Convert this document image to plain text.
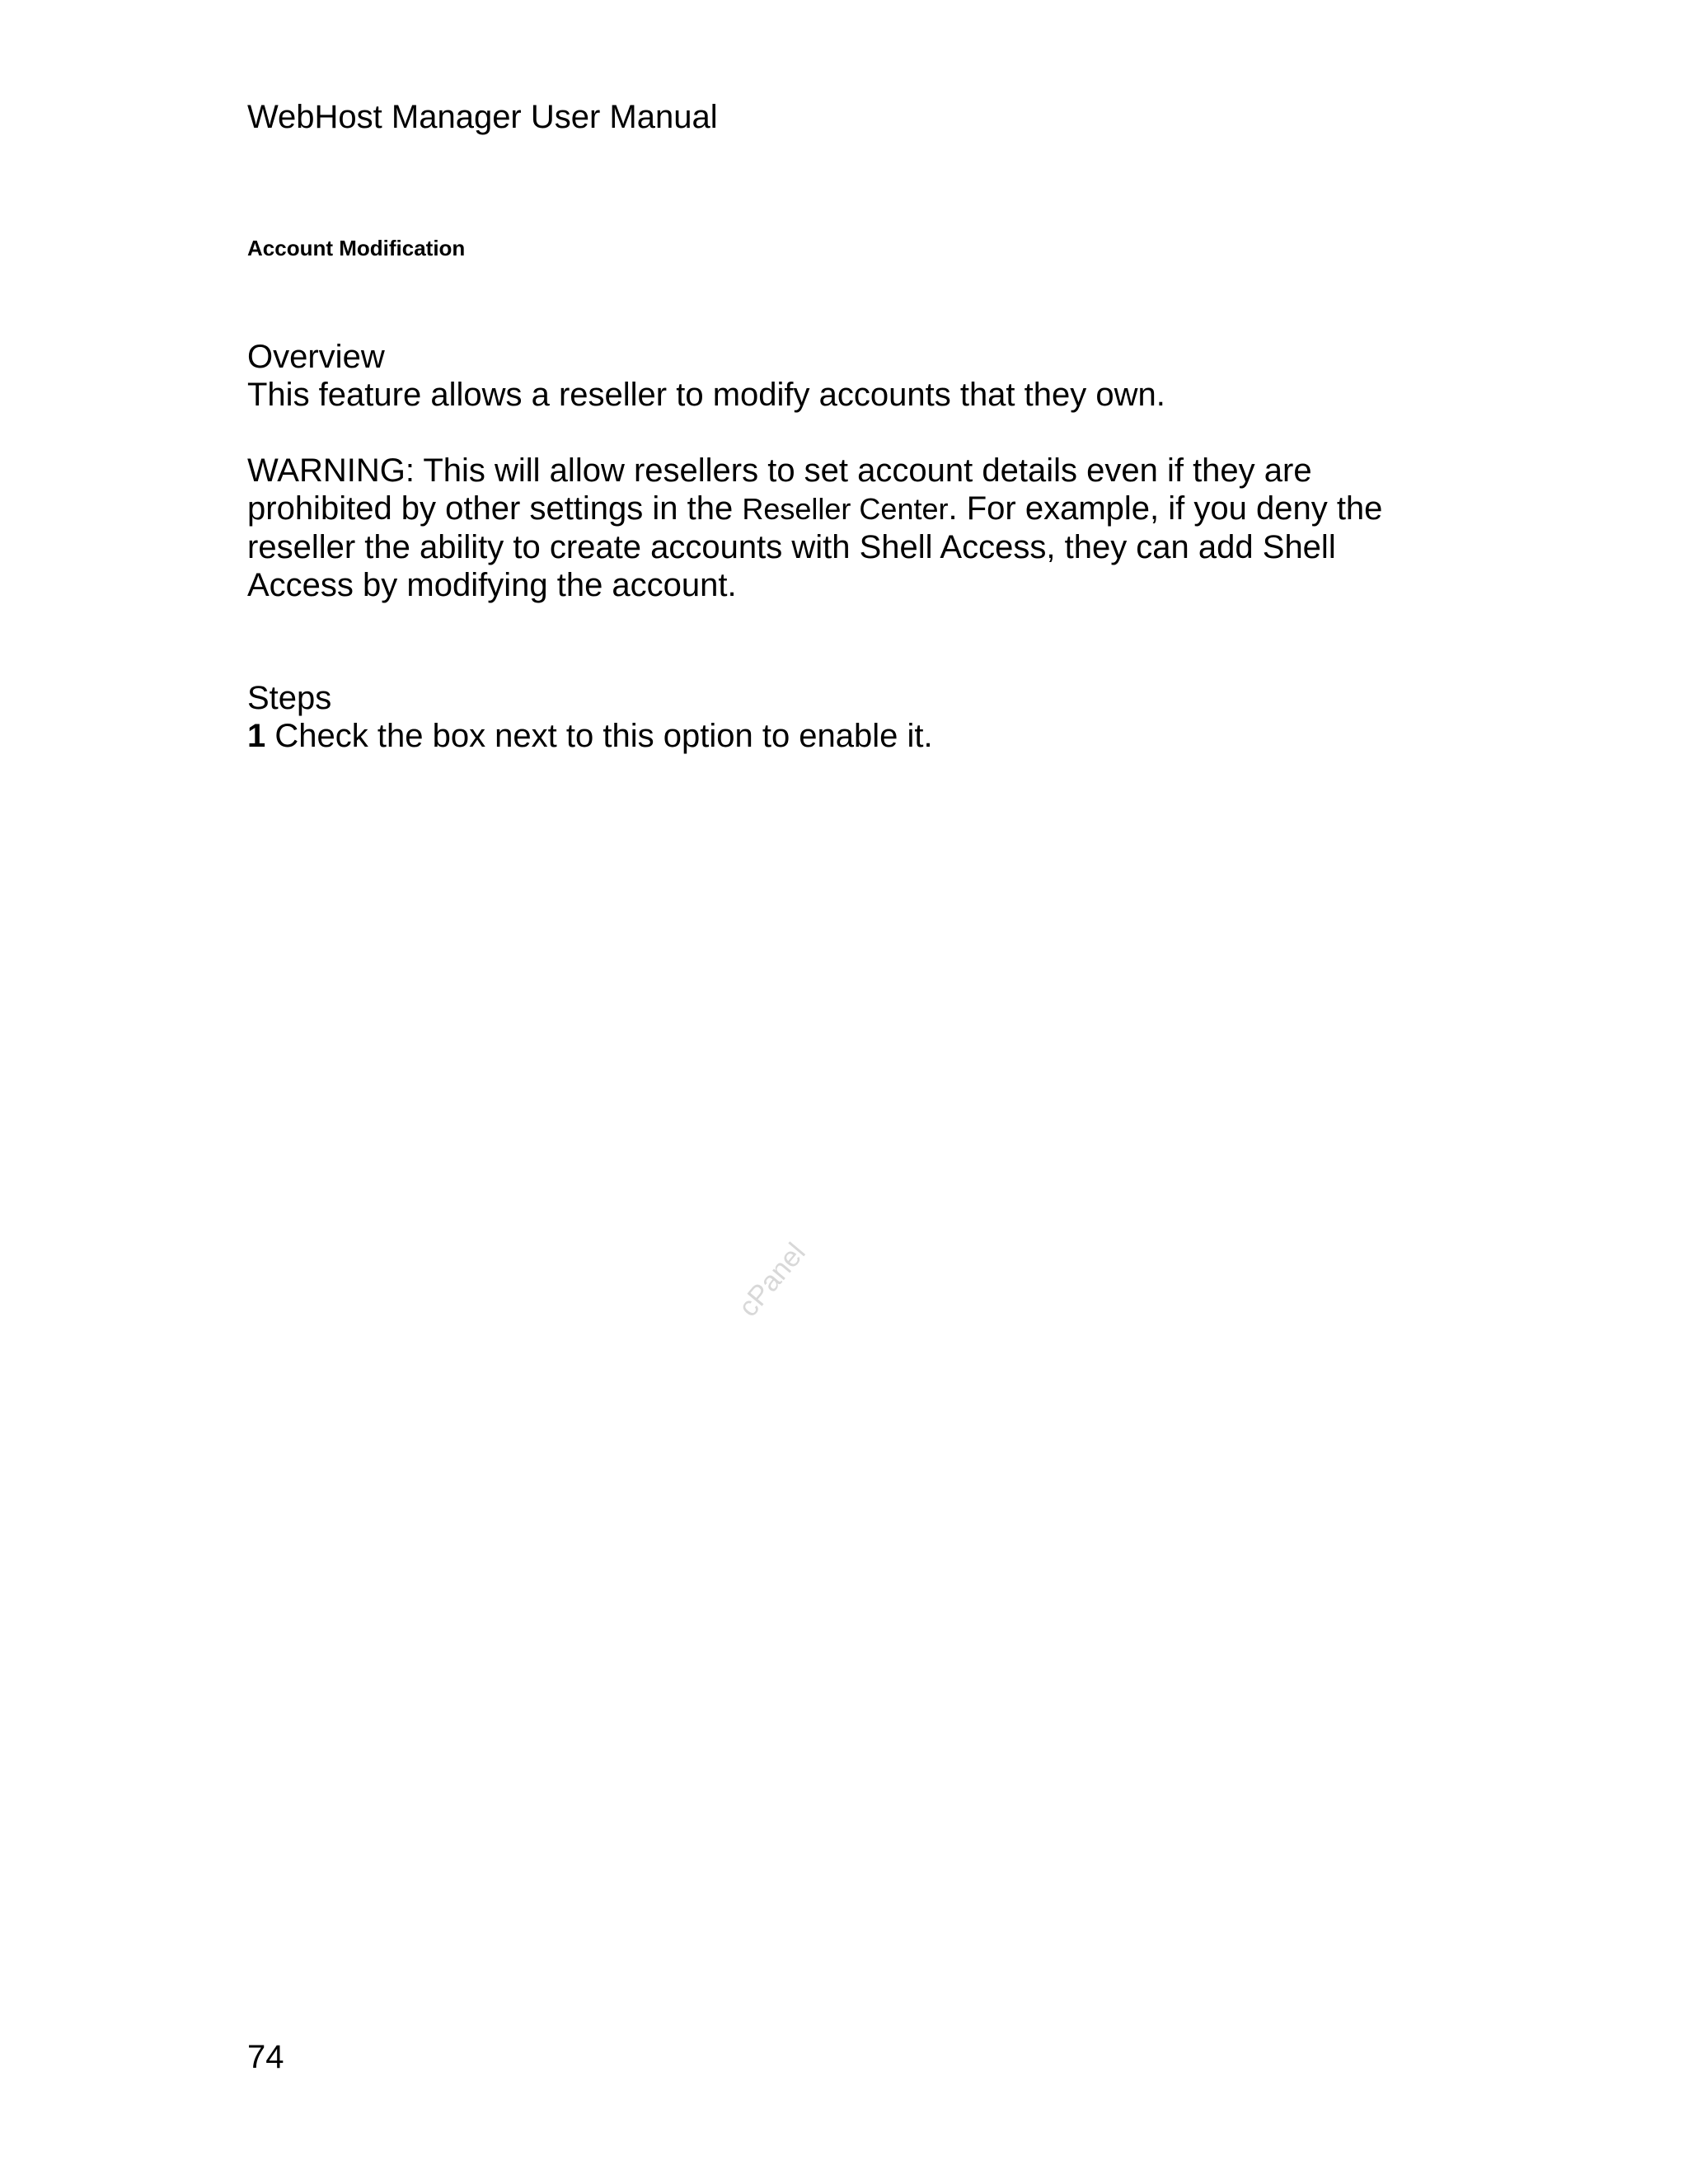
WebHost Manager User Manual
Account Modification
Overview
This feature allows a reseller to modify accounts that they own.
WARNING: This will allow resellers to set account details even if they are
prohibited by other settings in the Reseller Center. For example, if you deny the
reseller the ability to create accounts with Shell Access, they can add Shell
Access by modifying the account.
Steps
1 Check the box next to this option to enable it.
cPanel
74
